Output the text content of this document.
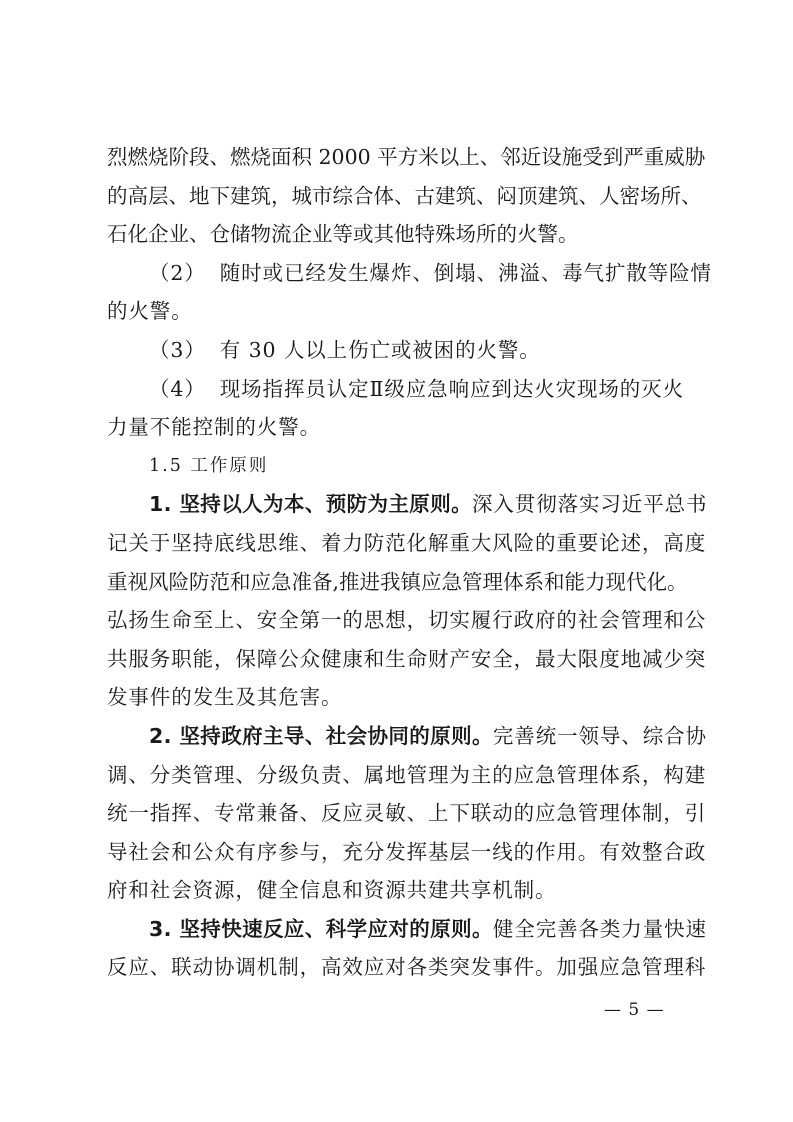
烈燃烧阶段、燃烧面积 2000 平方米以上、邻近设施受到严重威胁
的高层、地下建筑，城市综合体、古建筑、闷顶建筑、人密场所、
石化企业、仓储物流企业等或其他特殊场所的火警。
（2） 随时或已经发生爆炸、倒塌、沸溢、毒气扩散等险情
的火警。
（3） 有 30 人以上伤亡或被困的火警。
（4） 现场指挥员认定Ⅱ级应急响应到达火灾现场的灭火
力量不能控制的火警。
1.5 工作原则
1. 坚持以人为本、预防为主原则。深入贯彻落实习近平总书
记关于坚持底线思维、着力防范化解重大风险的重要论述，高度
重视风险防范和应急准备,推进我镇应急管理体系和能力现代化。
弘扬生命至上、安全第一的思想，切实履行政府的社会管理和公
共服务职能，保障公众健康和生命财产安全，最大限度地减少突
发事件的发生及其危害。
2. 坚持政府主导、社会协同的原则。完善统一领导、综合协
调、分类管理、分级负责、属地管理为主的应急管理体系，构建
统一指挥、专常兼备、反应灵敏、上下联动的应急管理体制，引
导社会和公众有序参与，充分发挥基层一线的作用。有效整合政
府和社会资源，健全信息和资源共建共享机制。
3. 坚持快速反应、科学应对的原则。健全完善各类力量快速
反应、联动协调机制，高效应对各类突发事件。加强应急管理科
— 5 —
